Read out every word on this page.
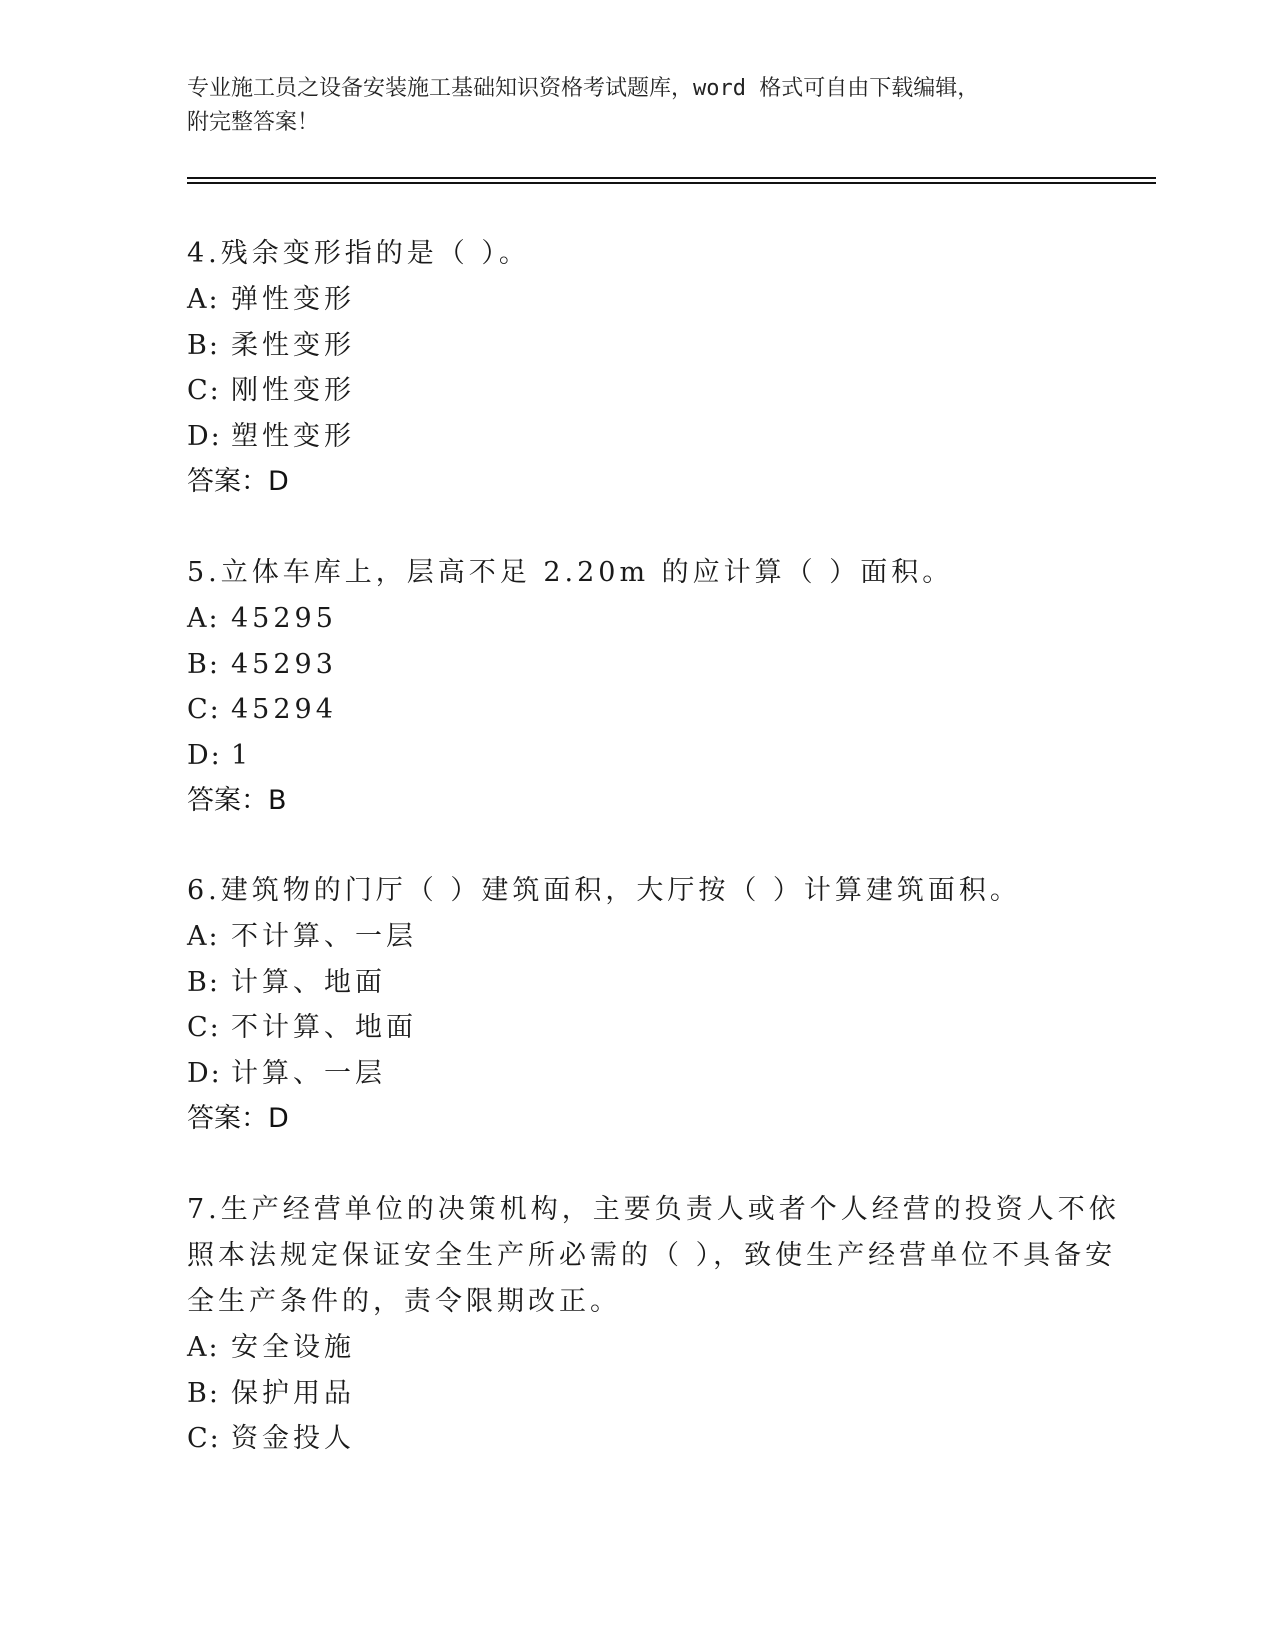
专业施工员之设备安装施工基础知识资格考试题库，word 格式可自由下载编辑，
附完整答案！
4.残余变形指的是（ ）。
A: 弹性变形
B: 柔性变形
C: 刚性变形
D: 塑性变形
答案：D
5.立体车库上，层高不足 2.20m 的应计算（ ）面积。
A: 45295
B: 45293
C: 45294
D: 1
答案：B
6.建筑物的门厅（ ）建筑面积，大厅按（ ）计算建筑面积。
A: 不计算、一层
B: 计算、地面
C: 不计算、地面
D: 计算、一层
答案：D
7.生产经营单位的决策机构，主要负责人或者个人经营的投资人不依
照本法规定保证安全生产所必需的（ ），致使生产经营单位不具备安
全生产条件的，责令限期改正。
A: 安全设施
B: 保护用品
C: 资金投人
